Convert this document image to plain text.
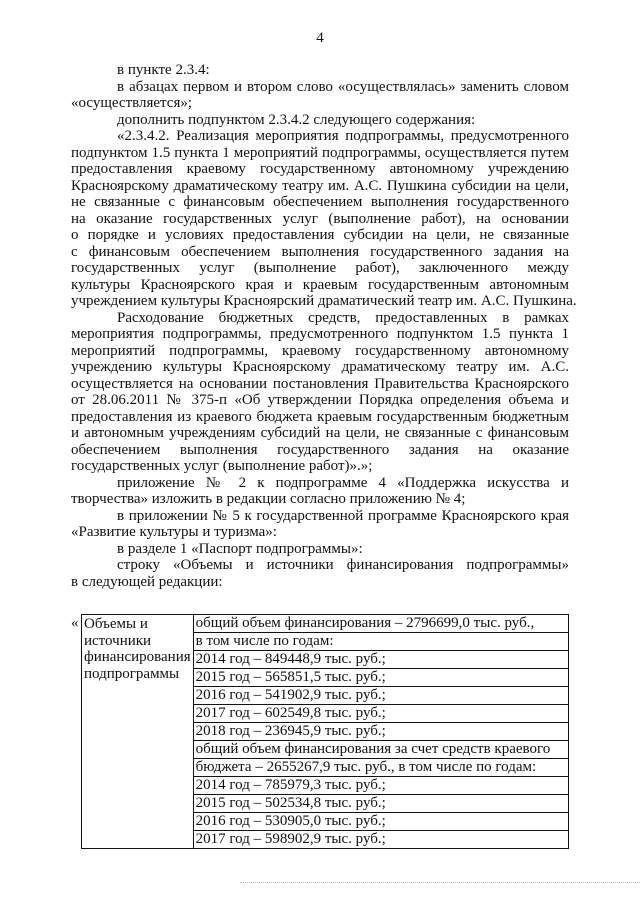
4
в пункте 2.3.4:
в абзацах первом и втором слово «осуществлялась» заменить словом
«осуществляется»;
дополнить подпунктом 2.3.4.2 следующего содержания:
«2.3.4.2. Реализация мероприятия подпрограммы, предусмотренного
подпунктом 1.5 пункта 1 мероприятий подпрограммы, осуществляется путем
предоставления краевому государственному автономному учреждению
Красноярскому драматическому театру им. А.С. Пушкина субсидии на цели,
не связанные с финансовым обеспечением выполнения государственного
на оказание государственных услуг (выполнение работ), на основании
о порядке и условиях предоставления субсидии на цели, не связанные
с финансовым обеспечением выполнения государственного задания на
государственных услуг (выполнение работ), заключенного между
культуры Красноярского края и краевым государственным автономным
учреждением культуры Красноярский драматический театр им. А.С. Пушкина.
Расходование бюджетных средств, предоставленных в рамках
мероприятия подпрограммы, предусмотренного подпунктом 1.5 пункта 1
мероприятий подпрограммы, краевому государственному автономному
учреждению культуры Красноярскому драматическому театру им. А.С.
осуществляется на основании постановления Правительства Красноярского
от 28.06.2011 № 375-п «Об утверждении Порядка определения объема и
предоставления из краевого бюджета краевым государственным бюджетным
и автономным учреждениям субсидий на цели, не связанные с финансовым
обеспечением выполнения государственного задания на оказание
государственных услуг (выполнение работ)».»;
приложение № 2 к подпрограмме 4 «Поддержка искусства и
творчества» изложить в редакции согласно приложению № 4;
в приложении № 5 к государственной программе Красноярского края
«Развитие культуры и туризма»:
в разделе 1 «Паспорт подпрограммы»:
строку «Объемы и источники финансирования подпрограммы»
в следующей редакции:
« Объемы и источники финансирования подпрограммы	общий объем финансирования – 2796699,0 тыс. руб.,
в том числе по годам:
2014 год – 849448,9 тыс. руб.;
2015 год – 565851,5 тыс. руб.;
2016 год – 541902,9 тыс. руб.;
2017 год – 602549,8 тыс. руб.;
2018 год – 236945,9 тыс. руб.;
общий объем финансирования за счет средств краевого
бюджета – 2655267,9 тыс. руб., в том числе по годам:
2014 год – 785979,3 тыс. руб.;
2015 год – 502534,8 тыс. руб.;
2016 год – 530905,0 тыс. руб.;
2017 год – 598902,9 тыс. руб.;
